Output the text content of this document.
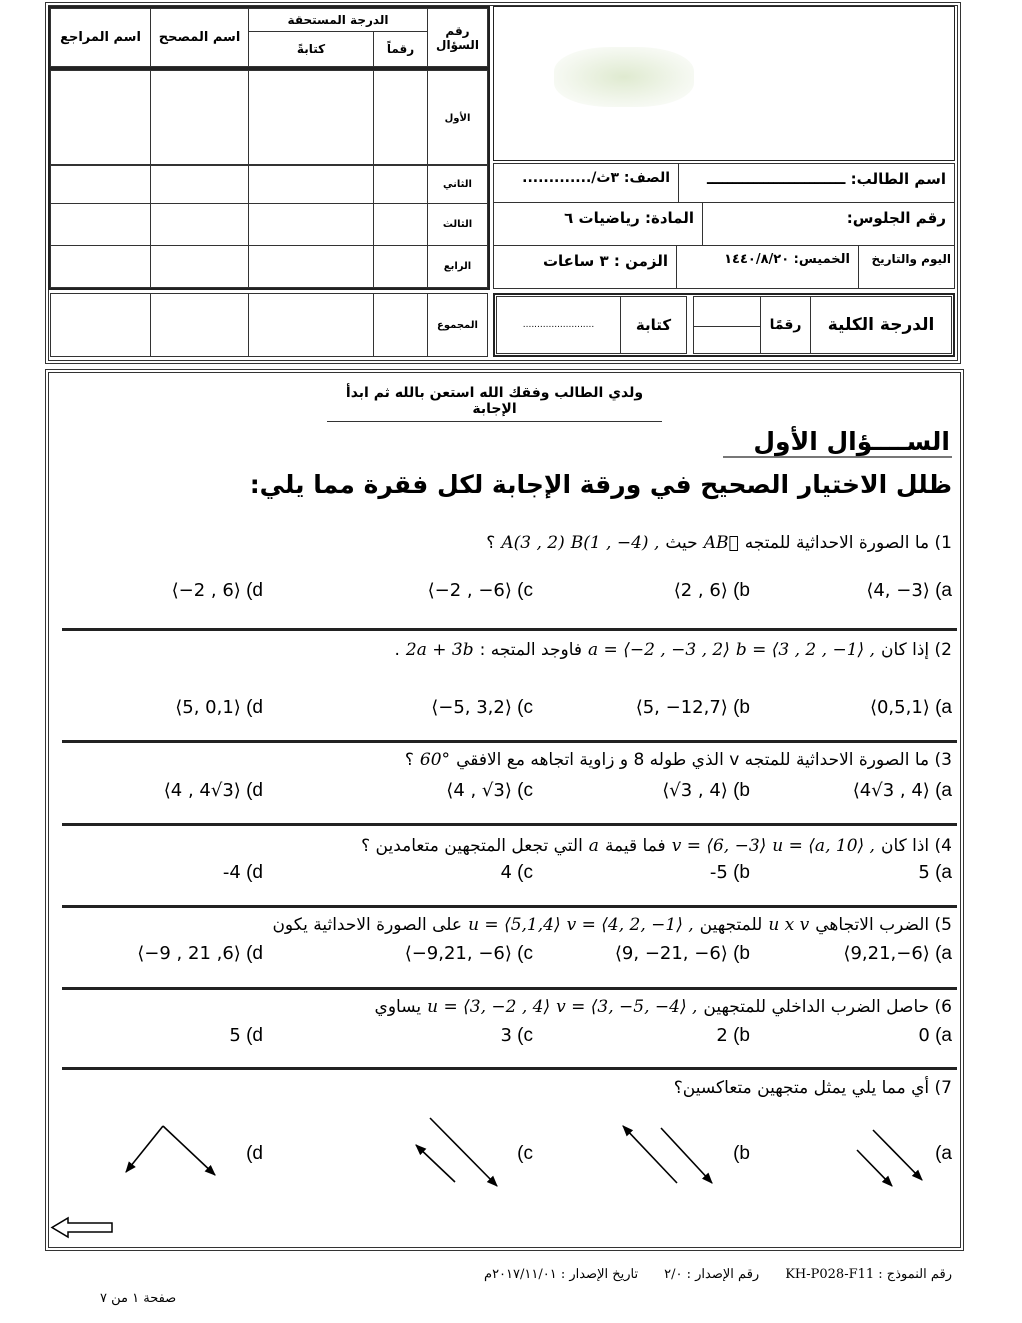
رقم السؤال
الدرجة المستحقة
رقماً
كتابةً
اسم المصحح
اسم المراجع
الأول
الثاني
الثالث
الرابع
المجموع
اسم الطالب: ـــــــــــــــــــــــــــ
الصف: ٣ث/.............
رقم الجلوس:
المادة: رياضيات ٦
اليوم والتاريخ
الخميس: ١٤٤٠/٨/٢٠
الزمن : ٣ ساعات
الدرجة الكلية
رقمًا
كتابة
.........................
ولدي الطالب وفقك الله استعن بالله ثم ابدأ الإجابة
الســــؤال الأول
ظلل الاختيار الصحيح في ورقة الإجابة لكل فقرة مما يلي:
1) ما الصورة الاحداثية للمتجه
AB⃗
حيث
B(1 , −4) ,
A(3 , 2)
؟
⟨4, −3⟩ (a
⟨2 , 6⟩ (b
⟨−2 , −6⟩ (c
⟨−2 , 6⟩ (d
2) إذا كان
b = ⟨3 , 2 , −1⟩ ,
a = ⟨−2 , −3 , 2⟩
فاوجد المتجه :
2a + 3b
.
⟨0,5,1⟩ (a
⟨5, −12,7⟩ (b
⟨−5, 3,2⟩ (c
⟨5, 0,1⟩ (d
3) ما الصورة الاحداثية للمتجه v الذي طوله 8 و زاوية اتجاهه مع الافقي
60°
؟
⟨4√3 , 4⟩ (a
⟨√3 , 4⟩ (b
⟨4 , √3⟩ (c
⟨4 , 4√3⟩ (d
4) اذا كان
u = ⟨a, 10⟩ ,
v = ⟨6, −3⟩
فما قيمة
a
التي تجعل المتجهين متعامدين ؟
5 (a
-5 (b
4 (c
-4 (d
5) الضرب الاتجاهي
u x v
للمتجهين
v = ⟨4, 2, −1⟩ ,
u = ⟨5,1,4⟩
على الصورة الاحداثية يكون
⟨9,21,−6⟩ (a
⟨9, −21, −6⟩ (b
⟨−9,21, −6⟩ (c
⟨−9 , 21 ,6⟩ (d
6) حاصل الضرب الداخلي للمتجهين
v = ⟨3, −5, −4⟩ ,
u = ⟨3, −2 , 4⟩
يساوي
0 (a
2 (b
3 (c
5 (d
7) أي مما يلي يمثل متجهين متعاكسين؟
(a
(b
(c
(d
رقم النموذج : KH-P028-F11
رقم الإصدار : ٢/٠
تاريخ الإصدار : ٢٠١٧/١١/٠١م
صفحة ١ من ٧
